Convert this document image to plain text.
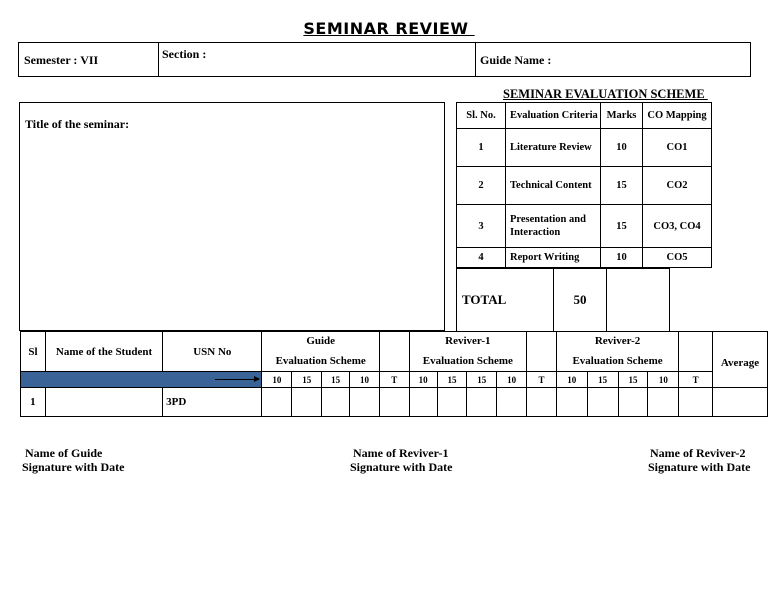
SEMINAR REVIEW
Semester : VII	Section :	Guide Name :
Title of the seminar:
SEMINAR EVALUATION SCHEME
Sl. No.	Evaluation Criteria	Marks	CO Mapping
1	Literature Review	10	CO1
2	Technical Content	15	CO2
3	Presentation and Interaction	15	CO3, CO4
4	Report Writing	10	CO5
TOTAL	50	
Sl	Name of the Student	USN No	Guide					Reviver-1					Reviver-2					Average
			Evaluation Scheme					Evaluation Scheme					Evaluation Scheme					

			10	15	15	10	T	10	15	15	10	T	10	15	15	10	T	
1		3PD																
Name of Guide
Signature with Date
Name of Reviver-1
Signature with Date
Name of Reviver-2
Signature with Date
